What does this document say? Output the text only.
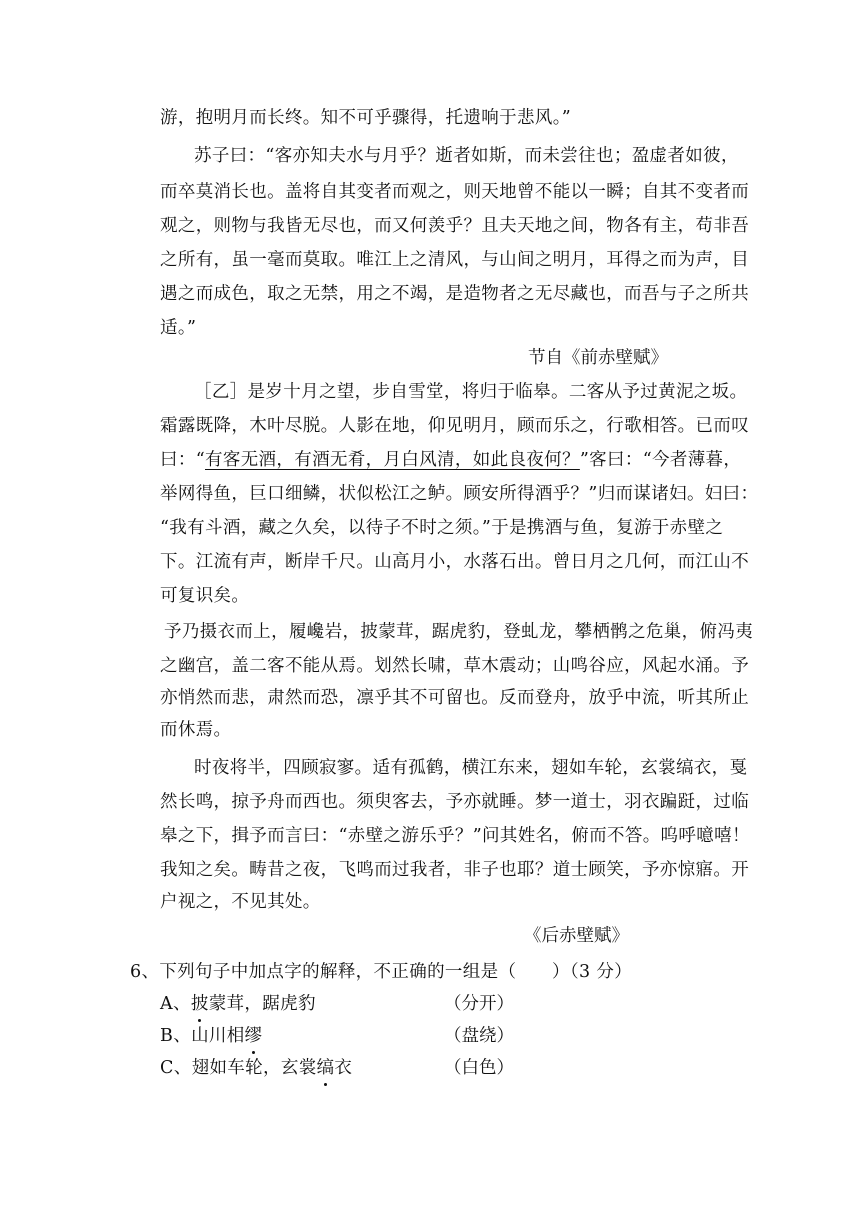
游，抱明月而长终。知不可乎骤得，托遗响于悲风。”
苏子曰：“客亦知夫水与月乎？逝者如斯，而未尝往也；盈虚者如彼，
而卒莫消长也。盖将自其变者而观之，则天地曾不能以一瞬；自其不变者而
观之，则物与我皆无尽也，而又何羡乎？且夫天地之间，物各有主，苟非吾
之所有，虽一毫而莫取。唯江上之清风，与山间之明月，耳得之而为声，目
遇之而成色，取之无禁，用之不竭，是造物者之无尽藏也，而吾与子之所共
适。”
节自《前赤壁赋》
［乙］是岁十月之望，步自雪堂，将归于临皋。二客从予过黄泥之坂。
霜露既降，木叶尽脱。人影在地，仰见明月，顾而乐之，行歌相答。已而叹
曰：“有客无酒，有酒无肴，月白风清，如此良夜何？”客曰：“今者薄暮，
举网得鱼，巨口细鳞，状似松江之鲈。顾安所得酒乎？”归而谋诸妇。妇曰：
“我有斗酒，藏之久矣，以待子不时之须。”于是携酒与鱼，复游于赤壁之
下。江流有声，断岸千尺。山高月小，水落石出。曾日月之几何，而江山不
可复识矣。
予乃摄衣而上，履巉岩，披蒙茸，踞虎豹，登虬龙，攀栖鹘之危巢，俯冯夷
之幽宫，盖二客不能从焉。划然长啸，草木震动；山鸣谷应，风起水涌。予
亦悄然而悲，肃然而恐，凛乎其不可留也。反而登舟，放乎中流，听其所止
而休焉。
时夜将半，四顾寂寥。适有孤鹤，横江东来，翅如车轮，玄裳缟衣，戛
然长鸣，掠予舟而西也。须臾客去，予亦就睡。梦一道士，羽衣蹁跹，过临
皋之下，揖予而言曰：“赤壁之游乐乎？”问其姓名，俯而不答。呜呼噫嘻！
我知之矣。畴昔之夜，飞鸣而过我者，非子也耶？道士顾笑，予亦惊寤。开
户视之，不见其处。
《后赤壁赋》
6、下列句子中加点字的解释，不正确的一组是（　　）（3 分）
A、披蒙茸，踞虎豹	（分开）
B、山川相缪	（盘绕）
C、翅如车轮，玄裳缟衣	（白色）
